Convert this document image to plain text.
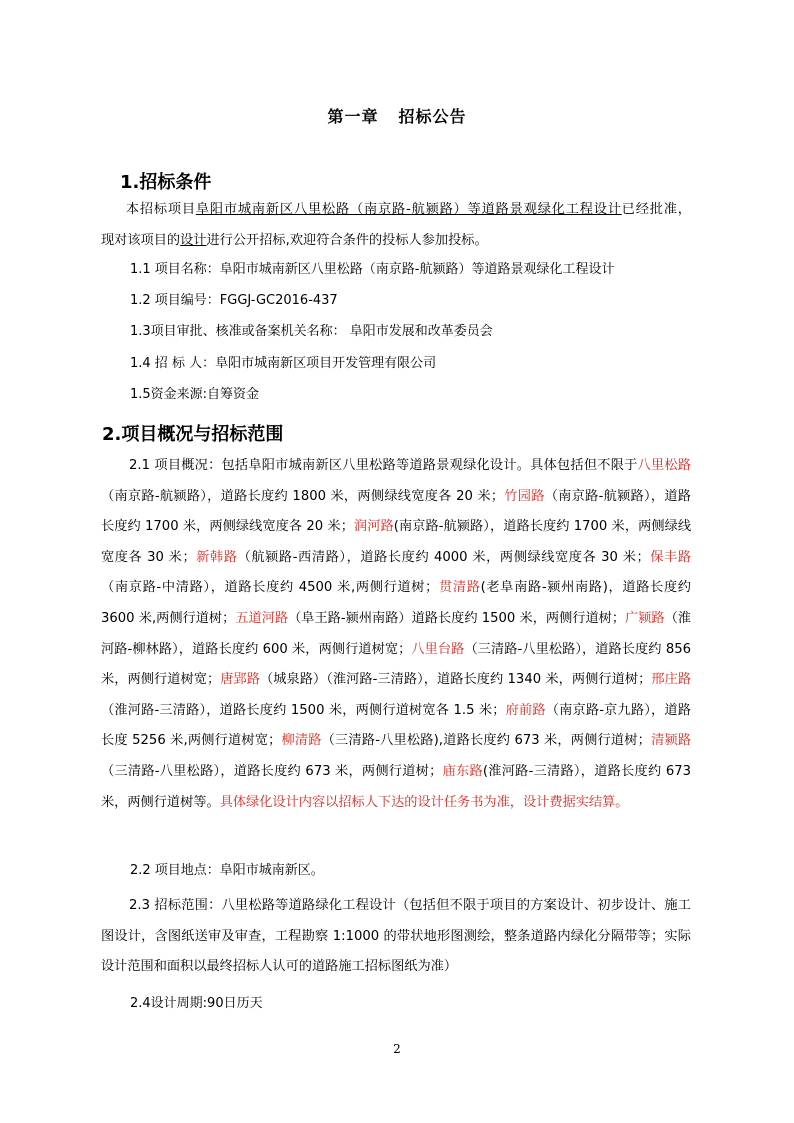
第一章 招标公告
1.招标条件

本招标项目阜阳市城南新区八里松路（南京路-航颍路）等道路景观绿化工程设计已经批准，

现对该项目的设计进行公开招标,欢迎符合条件的投标人参加投标。

1.1 项目名称：阜阳市城南新区八里松路（南京路-航颍路）等道路景观绿化工程设计
1.2 项目编号：FGGJ-GC2016-437
1.3项目审批、核准或备案机关名称： 阜阳市发展和改革委员会
1.4 招 标 人：阜阳市城南新区项目开发管理有限公司
1.5资金来源:自筹资金
2.项目概况与招标范围

2.1 项目概况：包括阜阳市城南新区八里松路等道路景观绿化设计。具体包括但不限于八里松路（南京路-航颍路），道路长度约 1800 米，两侧绿线宽度各 20 米；竹园路（南京路-航颍路），道路长度约 1700 米，两侧绿线宽度各 20 米；润河路(南京路-航颍路），道路长度约 1700 米，两侧绿线宽度各 30 米；新韩路（航颍路-西清路），道路长度约 4000 米，两侧绿线宽度各 30 米；保丰路（南京路-中清路），道路长度约 4500 米,两侧行道树；贯清路(老阜南路-颍州南路)，道路长度约 3600 米,两侧行道树；五道河路（阜王路-颍州南路）道路长度约 1500 米，两侧行道树；广颍路（淮河路-柳林路），道路长度约 600 米，两侧行道树宽；八里台路（三清路-八里松路），道路长度约 856 米，两侧行道树宽；唐郢路（城泉路）（淮河路-三清路），道路长度约 1340 米，两侧行道树；邢庄路（淮河路-三清路），道路长度约 1500 米，两侧行道树宽各 1.5 米；府前路（南京路-京九路），道路长度 5256 米,两侧行道树宽；柳清路（三清路-八里松路),道路长度约 673 米，两侧行道树；清颍路（三清路-八里松路），道路长度约 673 米，两侧行道树；庙东路(淮河路-三清路），道路长度约 673 米，两侧行道树等。具体绿化设计内容以招标人下达的设计任务书为准，设计费据实结算。

2.2 项目地点：阜阳市城南新区。

2.3 招标范围：八里松路等道路绿化工程设计（包括但不限于项目的方案设计、初步设计、施工图设计，含图纸送审及审查，工程勘察 1:1000 的带状地形图测绘，整条道路内绿化分隔带等；实际设计范围和面积以最终招标人认可的道路施工招标图纸为准）

2.4设计周期:90日历天
2
